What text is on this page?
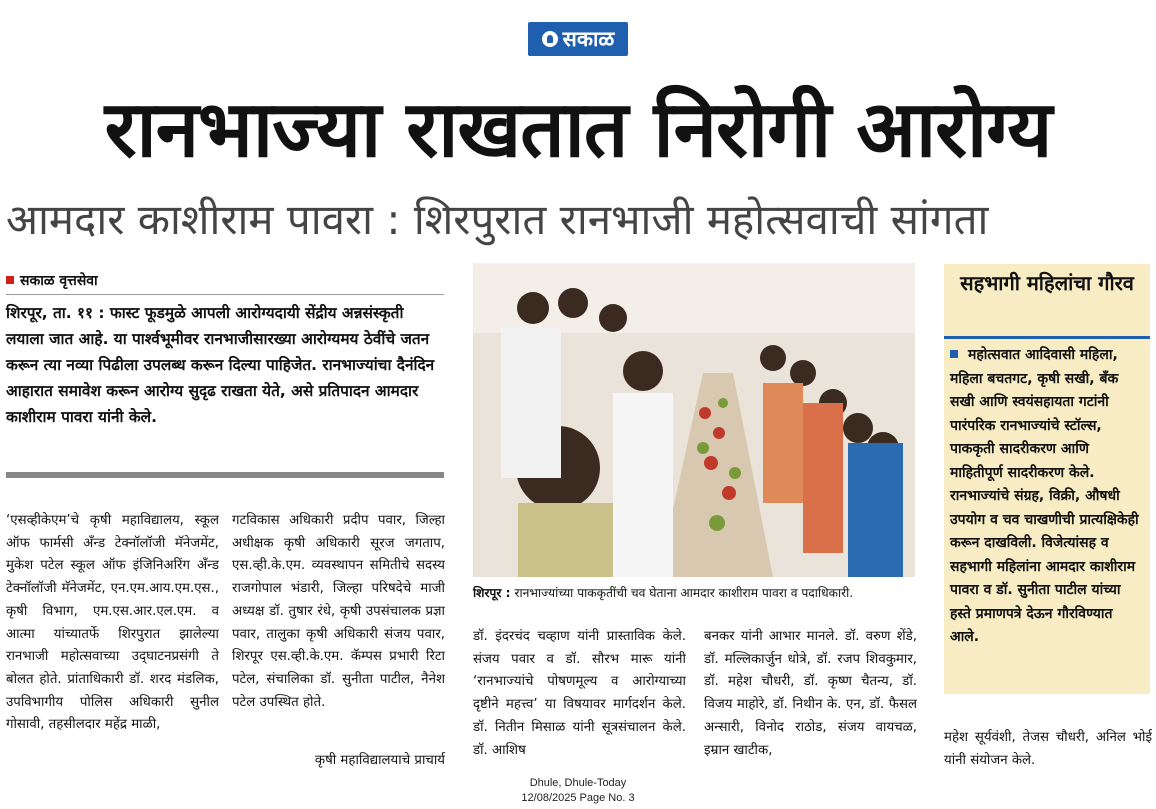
सकाळ
रानभाज्या राखतात निरोगी आरोग्य
आमदार काशीराम पावरा : शिरपुरात रानभाजी महोत्सवाची सांगता
सकाळ वृत्तसेवा
शिरपूर, ता. ११ : फास्ट फूडमुळे आपली आरोग्यदायी सेंद्रीय अन्नसंस्कृती लयाला जात आहे. या पार्श्वभूमीवर रानभाजीसारख्या आरोग्यमय ठेवींचे जतन करून त्या नव्या पिढीला उपलब्ध करून दिल्या पाहिजेत. रानभाज्यांचा दैनंदिन आहारात समावेश करून आरोग्य सुदृढ राखता येते, असे प्रतिपादन आमदार काशीराम पावरा यांनी केले.
‘एसव्हीकेएम’चे कृषी महाविद्यालय, स्कूल ऑफ फार्मसी अँन्ड टेक्नॉलॉजी मॅनेजमेंट, मुकेश पटेल स्कूल ऑफ इंजिनिअरिंग अँन्ड टेक्नॉलॉजी मॅनेजमेंट, एन.एम.आय.एम.एस., कृषी विभाग, एम.एस.आर.एल.एम. व आत्मा यांच्यातर्फे शिरपुरात झालेल्या रानभाजी महोत्सवाच्या उद्‍घाटनप्रसंगी ते बोलत होते. प्रांताधिकारी डॉ. शरद मंडलिक, उपविभागीय पोलिस अधिकारी सुनील गोसावी, तहसीलदार महेंद्र माळी,
गटविकास अधिकारी प्रदीप पवार, जिल्हा अधीक्षक कृषी अधिकारी सूरज जगताप, एस.व्ही.के.एम. व्यवस्थापन समितीचे सदस्य राजगोपाल भंडारी, जिल्हा परिषदेचे माजी अध्यक्ष डॉ. तुषार रंधे, कृषी उपसंचालक प्रज्ञा पवार, तालुका कृषी अधिकारी संजय पवार, शिरपूर एस.व्ही.के.एम. कॅम्पस प्रभारी रिटा पटेल, संचालिका डॉ. सुनीता पाटील, नैनेश पटेल उपस्थित होते.
कृषी महाविद्यालयाचे प्राचार्य
डॉ. इंदरचंद चव्हाण यांनी प्रास्ताविक केले. संजय पवार व डॉ. सौरभ मारू यांनी ‘रानभाज्यांचे पोषणमूल्य व आरोग्याच्या दृष्टीने महत्त्व’ या विषयावर मार्गदर्शन केले. डॉ. नितीन मिसाळ यांनी सूत्रसंचालन केले. डॉ. आशिष
बनकर यांनी आभार मानले. डॉ. वरुण शेंडे, डॉ. मल्लिकार्जुन धोत्रे, डॉ. रजप शिवकुमार, डॉ. महेश चौधरी, डॉ. कृष्ण चैतन्य, डॉ. विजय माहोरे, डॉ. निथीन के. एन, डॉ. फैसल अन्सारी, विनोद राठोड, संजय वायचळ, इम्रान खाटीक,
महेश सूर्यवंशी, तेजस चौधरी, अनिल भोई यांनी संयोजन केले.
शिरपूर : रानभाज्यांच्या पाककृतींची चव घेताना आमदार काशीराम पावरा व पदाधिकारी.
सहभागी महिलांचा गौरव
महोत्सवात आदिवासी महिला, महिला बचतगट, कृषी सखी, बँक सखी आणि स्वयंसहायता गटांनी पारंपरिक रानभाज्यांचे स्टॉल्स, पाककृती सादरीकरण आणि माहितीपूर्ण सादरीकरण केले. रानभाज्यांचे संग्रह, विक्री, औषधी उपयोग व चव चाखणीची प्रात्यक्षिकेही करून दाखविली. विजेत्यांसह व सहभागी महिलांना आमदार काशीराम पावरा व डॉ. सुनीता पाटील यांच्या हस्ते प्रमाणपत्रे देऊन गौरविण्यात आले.
Dhule, Dhule-Today
12/08/2025 Page No. 3
